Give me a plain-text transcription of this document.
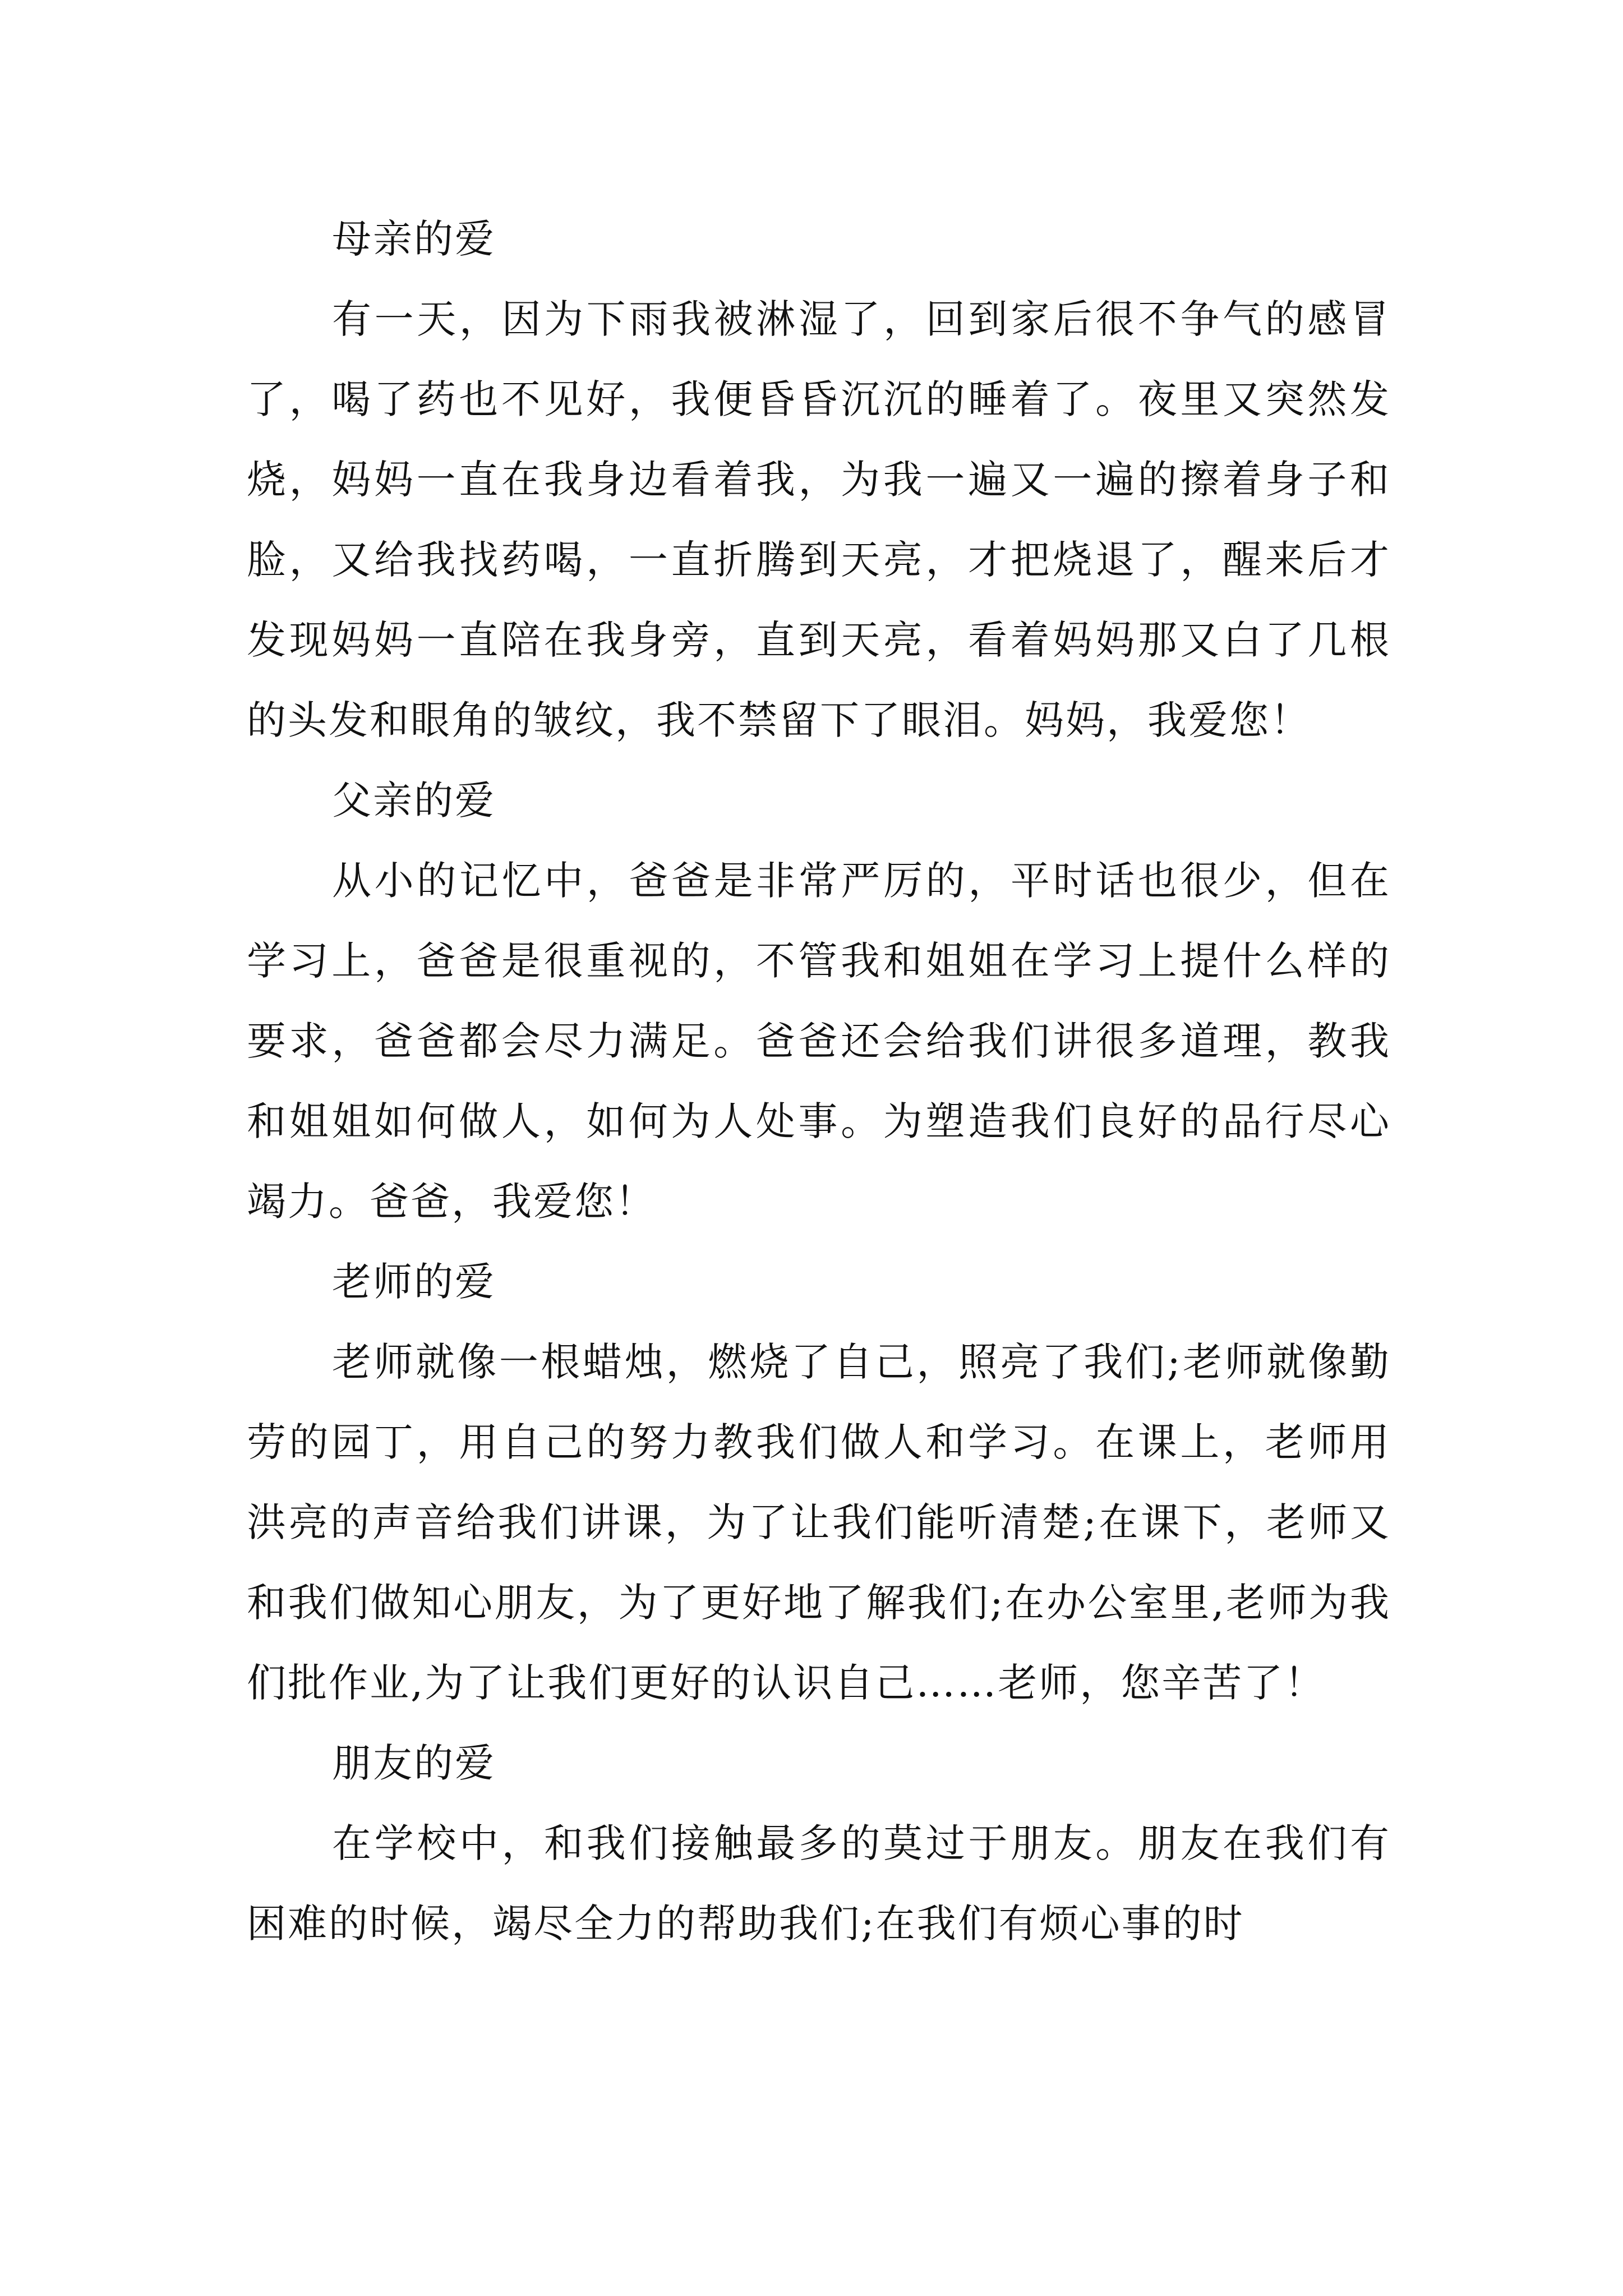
母亲的爱

有一天，因为下雨我被淋湿了，回到家后很不争气的感冒了，喝了药也不见好，我便昏昏沉沉的睡着了。夜里又突然发烧，妈妈一直在我身边看着我，为我一遍又一遍的擦着身子和脸，又给我找药喝，一直折腾到天亮，才把烧退了，醒来后才发现妈妈一直陪在我身旁，直到天亮，看着妈妈那又白了几根的头发和眼角的皱纹，我不禁留下了眼泪。妈妈，我爱您！

父亲的爱

从小的记忆中，爸爸是非常严厉的，平时话也很少，但在学习上，爸爸是很重视的，不管我和姐姐在学习上提什么样的要求，爸爸都会尽力满足。爸爸还会给我们讲很多道理，教我和姐姐如何做人，如何为人处事。为塑造我们良好的品行尽心竭力。爸爸，我爱您！

老师的爱

老师就像一根蜡烛，燃烧了自己，照亮了我们;老师就像勤劳的园丁，用自己的努力教我们做人和学习。在课上，老师用洪亮的声音给我们讲课，为了让我们能听清楚;在课下，老师又和我们做知心朋友，为了更好地了解我们;在办公室里,老师为我们批作业,为了让我们更好的认识自己……老师，您辛苦了！

朋友的爱

在学校中，和我们接触最多的莫过于朋友。朋友在我们有困难的时候，竭尽全力的帮助我们;在我们有烦心事的时
